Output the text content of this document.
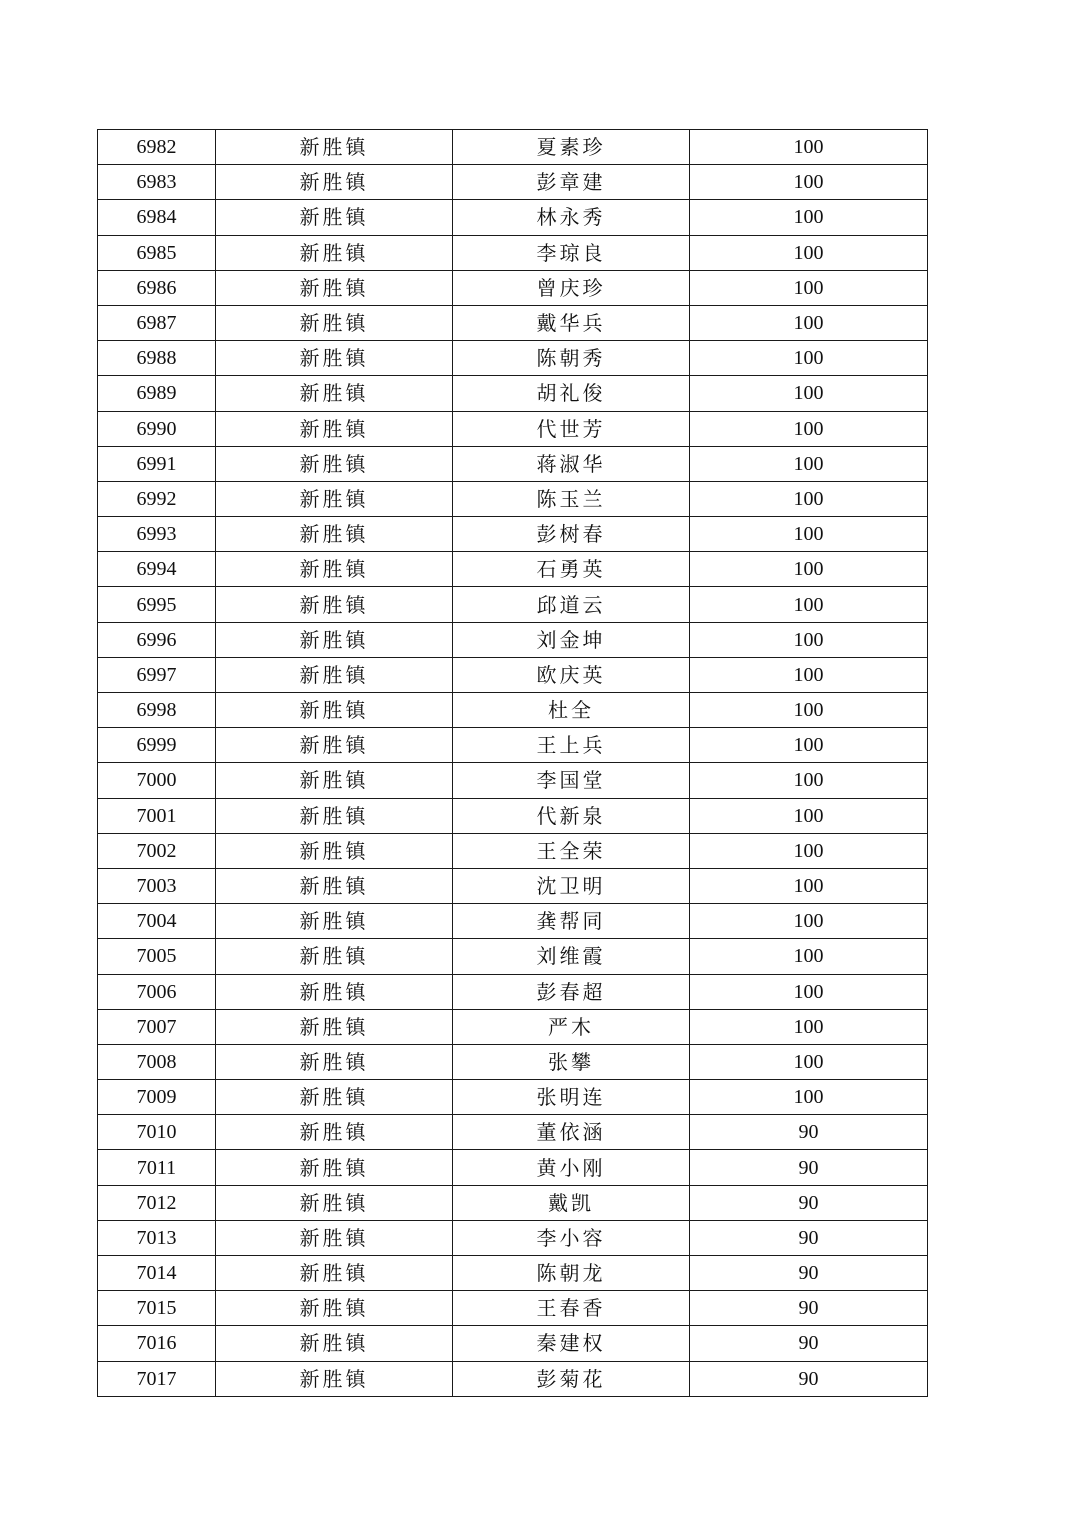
6982	新胜镇	夏素珍	100
6983	新胜镇	彭章建	100
6984	新胜镇	林永秀	100
6985	新胜镇	李琼良	100
6986	新胜镇	曾庆珍	100
6987	新胜镇	戴华兵	100
6988	新胜镇	陈朝秀	100
6989	新胜镇	胡礼俊	100
6990	新胜镇	代世芳	100
6991	新胜镇	蒋淑华	100
6992	新胜镇	陈玉兰	100
6993	新胜镇	彭树春	100
6994	新胜镇	石勇英	100
6995	新胜镇	邱道云	100
6996	新胜镇	刘金坤	100
6997	新胜镇	欧庆英	100
6998	新胜镇	杜全	100
6999	新胜镇	王上兵	100
7000	新胜镇	李国堂	100
7001	新胜镇	代新泉	100
7002	新胜镇	王全荣	100
7003	新胜镇	沈卫明	100
7004	新胜镇	龚帮同	100
7005	新胜镇	刘维霞	100
7006	新胜镇	彭春超	100
7007	新胜镇	严木	100
7008	新胜镇	张攀	100
7009	新胜镇	张明连	100
7010	新胜镇	董依涵	90
7011	新胜镇	黄小刚	90
7012	新胜镇	戴凯	90
7013	新胜镇	李小容	90
7014	新胜镇	陈朝龙	90
7015	新胜镇	王春香	90
7016	新胜镇	秦建权	90
7017	新胜镇	彭菊花	90
